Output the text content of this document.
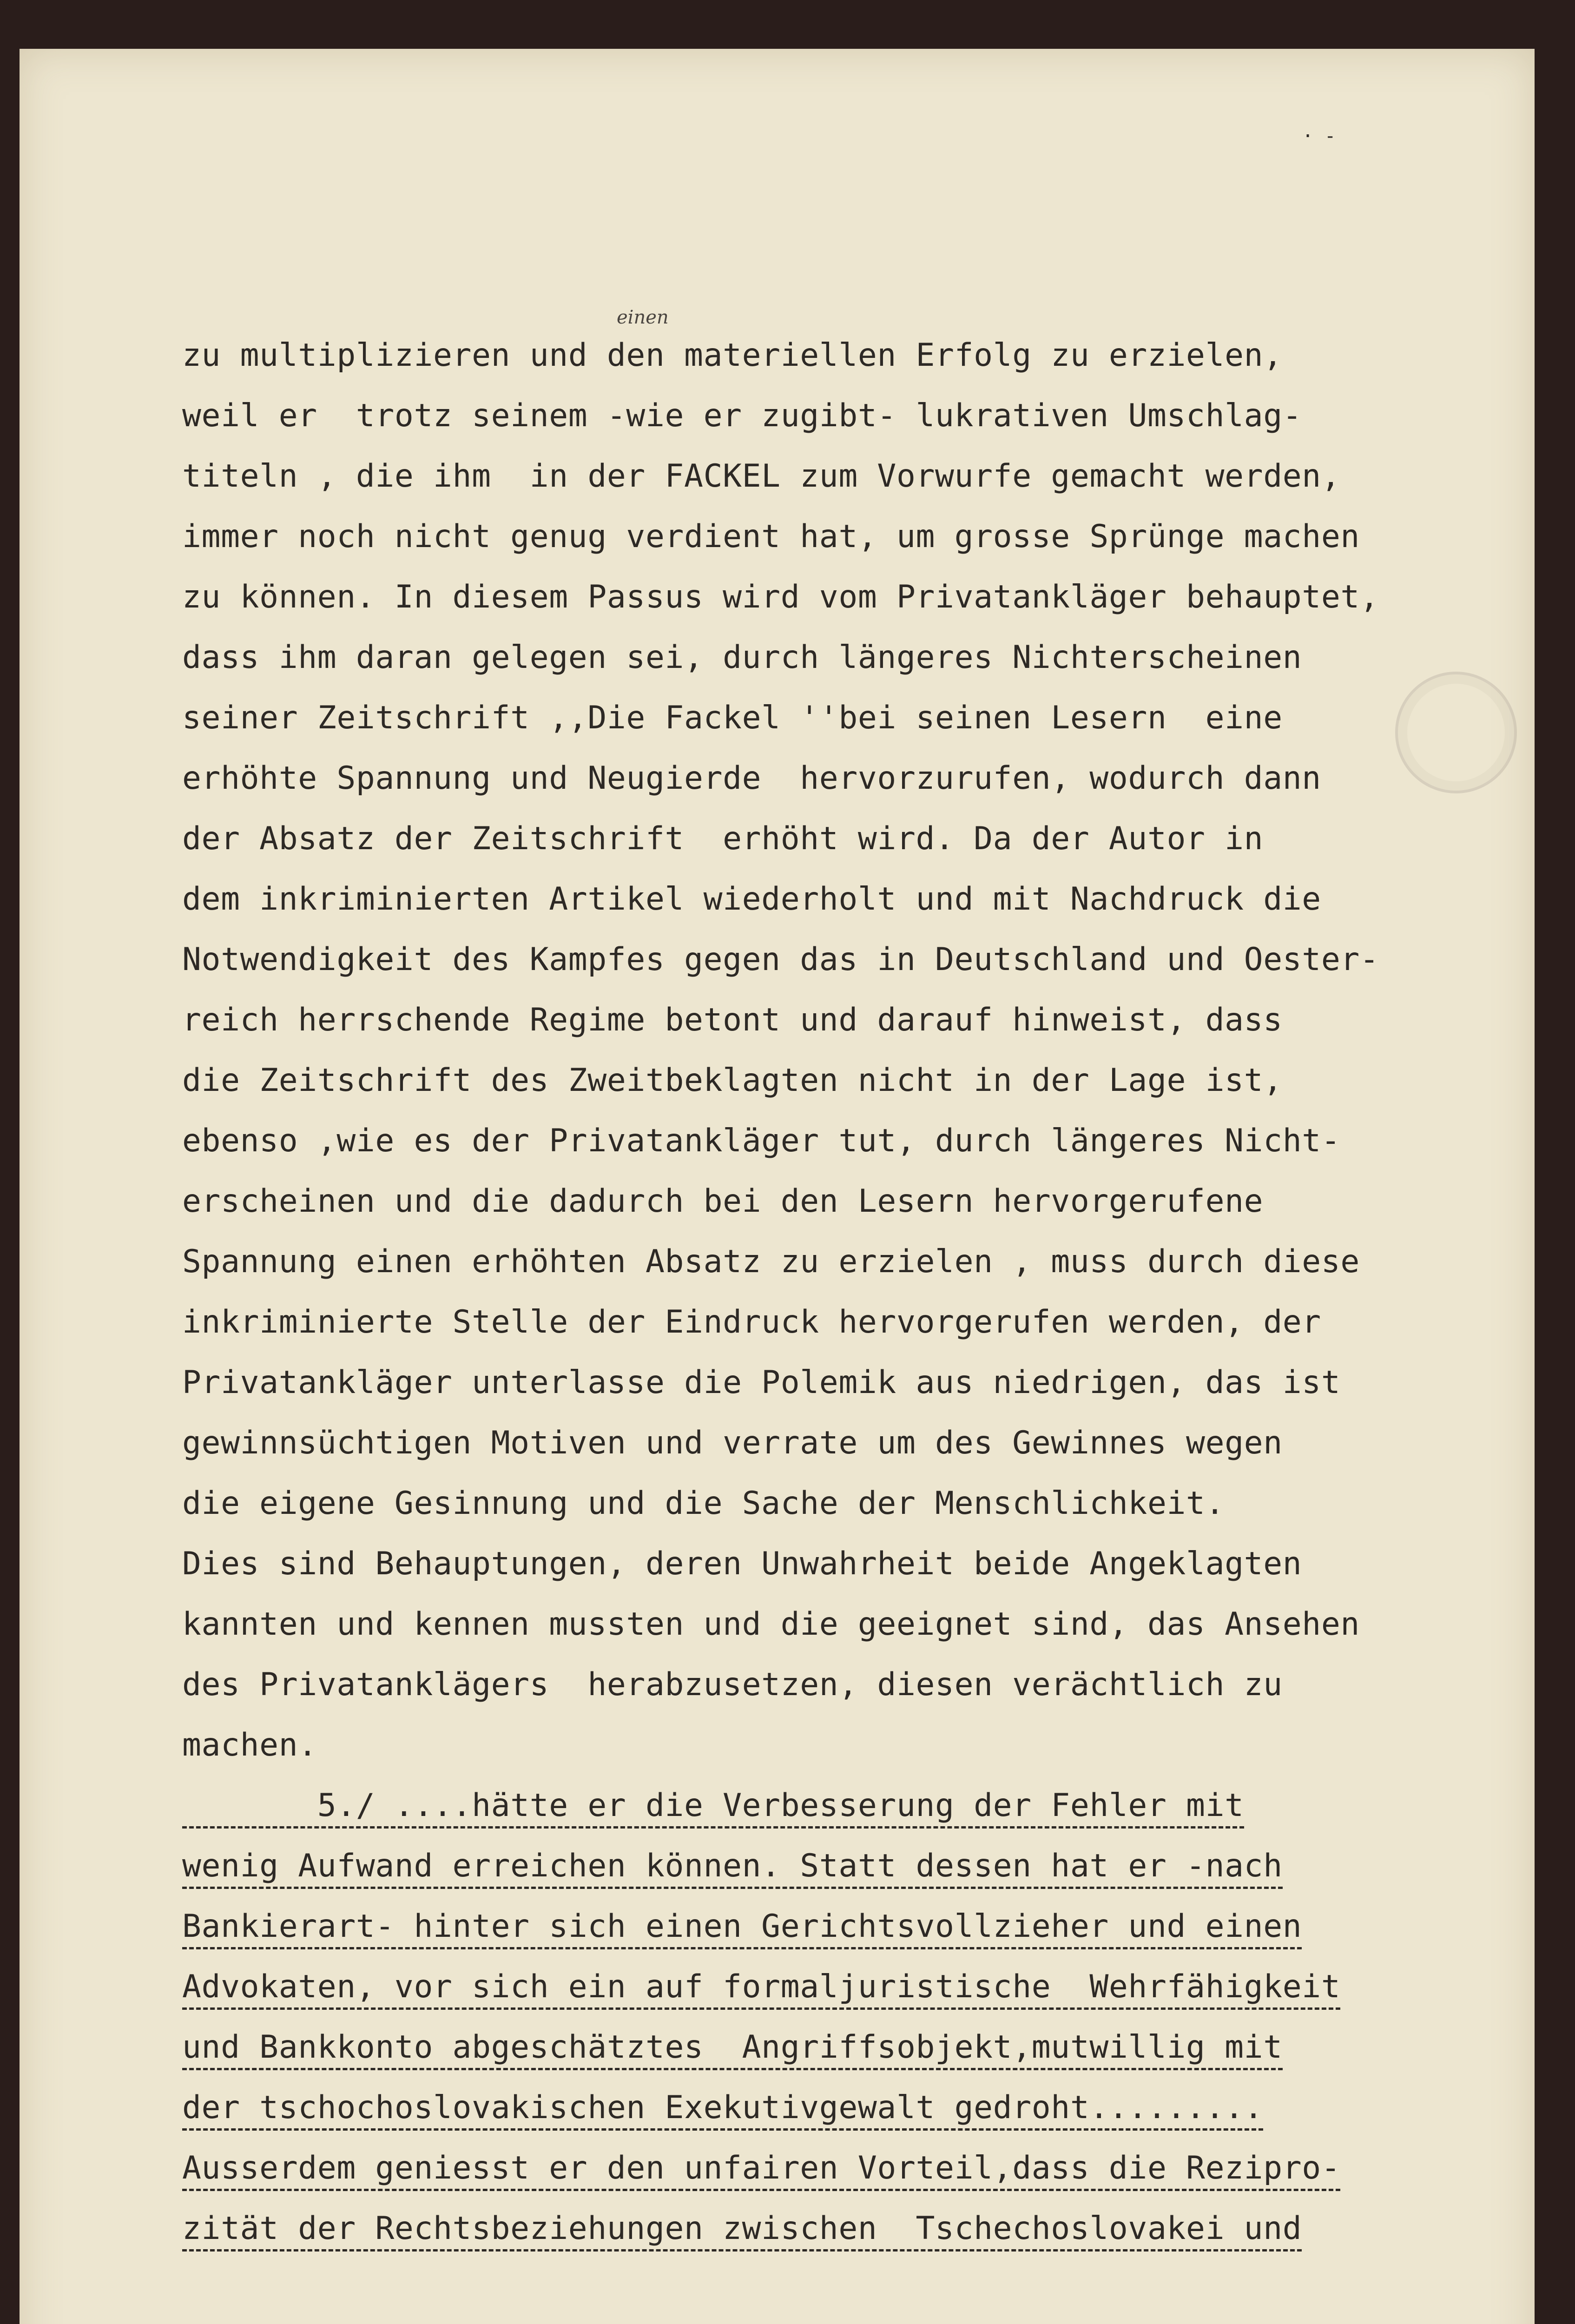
· -
einen
zu multiplizieren und den materiellen Erfolg zu erzielen,
weil er  trotz seinem -wie er zugibt- lukrativen Umschlag-
titeln , die ihm  in der FACKEL zum Vorwurfe gemacht werden,
immer noch nicht genug verdient hat, um grosse Sprünge machen
zu können. In diesem Passus wird vom Privatankläger behauptet,
dass ihm daran gelegen sei, durch längeres Nichterscheinen
seiner Zeitschrift ,,Die Fackel ''bei seinen Lesern  eine
erhöhte Spannung und Neugierde  hervorzurufen, wodurch dann
der Absatz der Zeitschrift  erhöht wird. Da der Autor in
dem inkriminierten Artikel wiederholt und mit Nachdruck die
Notwendigkeit des Kampfes gegen das in Deutschland und Oester-
reich herrschende Regime betont und darauf hinweist, dass
die Zeitschrift des Zweitbeklagten nicht in der Lage ist,
ebenso ,wie es der Privatankläger tut, durch längeres Nicht-
erscheinen und die dadurch bei den Lesern hervorgerufene
Spannung einen erhöhten Absatz zu erzielen , muss durch diese
inkriminierte Stelle der Eindruck hervorgerufen werden, der
Privatankläger unterlasse die Polemik aus niedrigen, das ist
gewinnsüchtigen Motiven und verrate um des Gewinnes wegen
die eigene Gesinnung und die Sache der Menschlichkeit.
Dies sind Behauptungen, deren Unwahrheit beide Angeklagten
kannten und kennen mussten und die geeignet sind, das Ansehen
des Privatanklägers  herabzusetzen, diesen verächtlich zu
machen.
5./ ....hätte er die Verbesserung der Fehler mit
wenig Aufwand erreichen können. Statt dessen hat er -nach
Bankierart- hinter sich einen Gerichtsvollzieher und einen
Advokaten, vor sich ein auf formaljuristische  Wehrfähigkeit
und Bankkonto abgeschätztes  Angriffsobjekt,mutwillig mit
der tschochoslovakischen Exekutivgewalt gedroht.........
Ausserdem geniesst er den unfairen Vorteil,dass die Rezipro-
zität der Rechtsbeziehungen zwischen  Tschechoslovakei und
